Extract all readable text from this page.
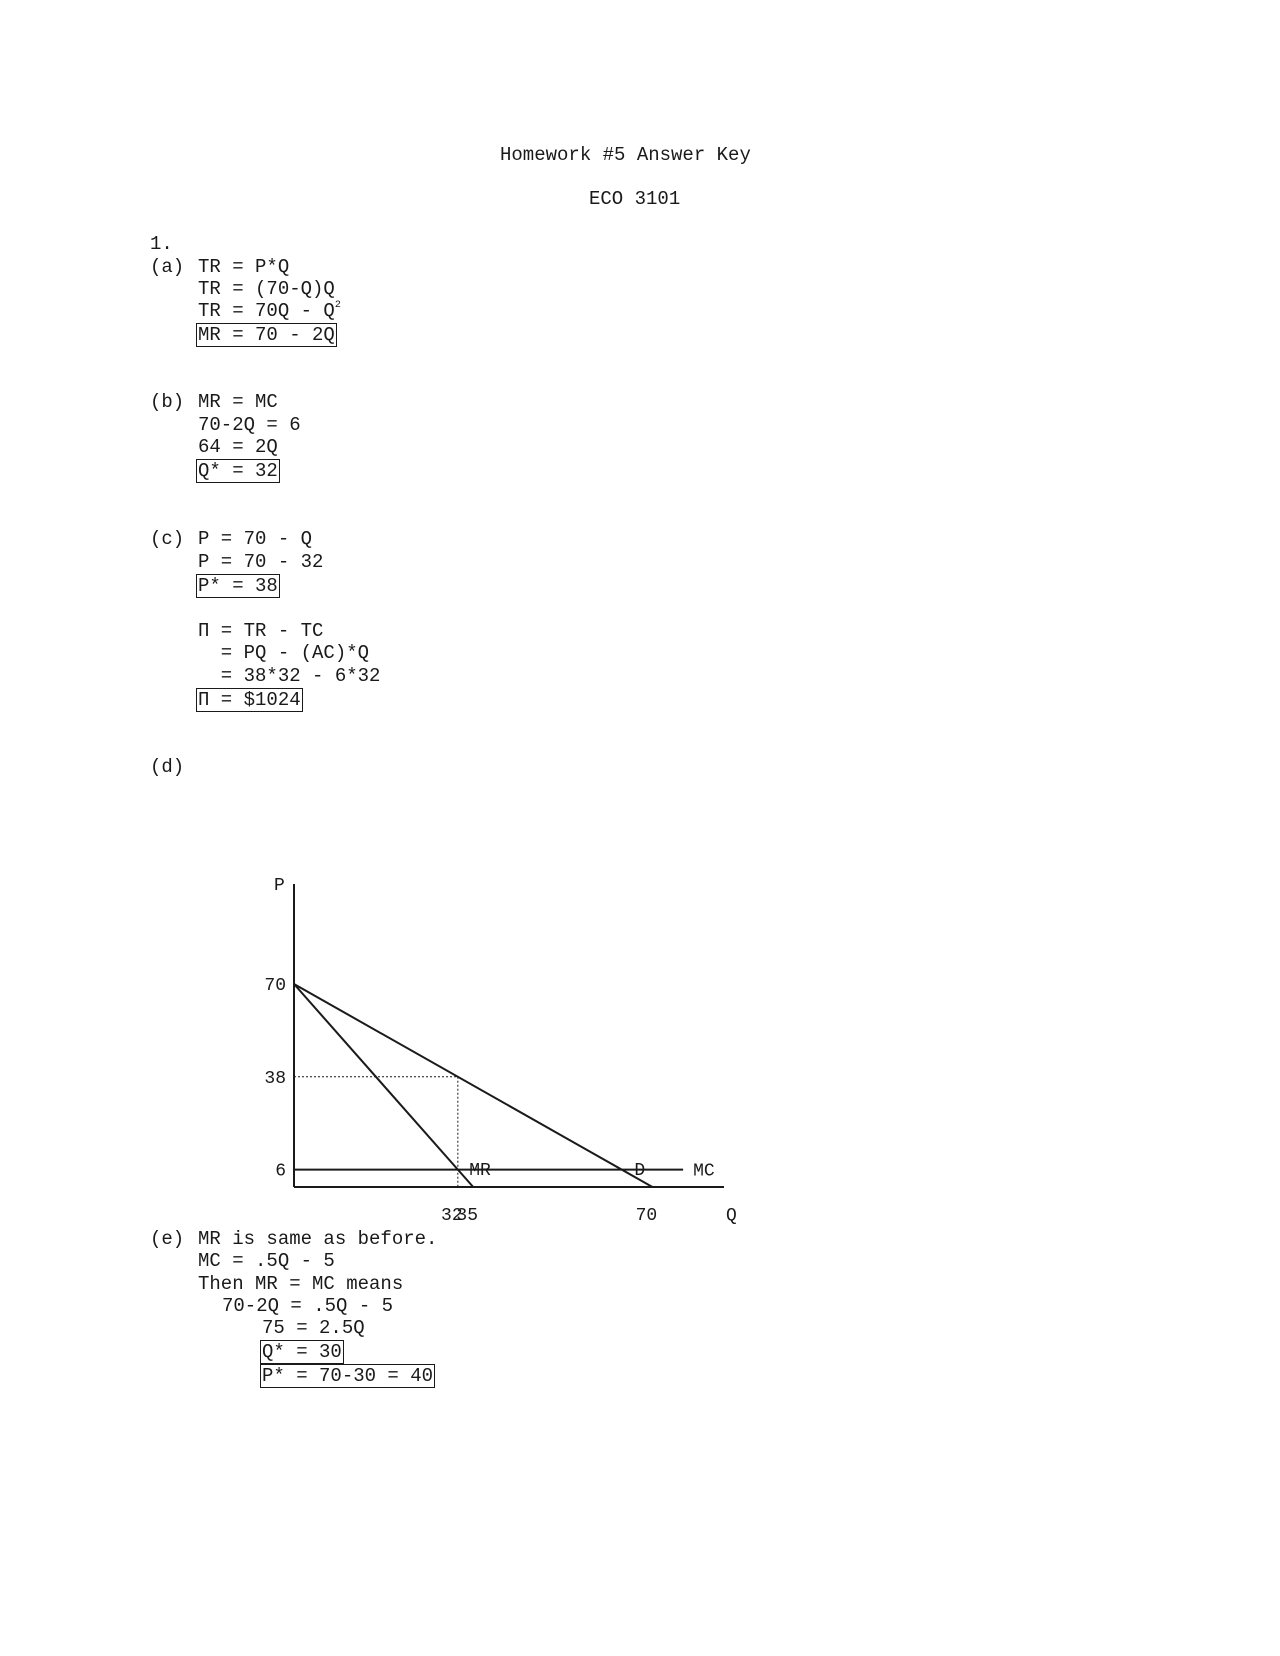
Homework #5 Answer Key
ECO 3101
1.
(a) TR = P*Q
TR = (70-Q)Q
TR = $70Q - Q^2$
MR = 70 - 2Q
(b) MR = MC
70-2Q = 6
64 = 2Q
Q* = 32
(c) P = 70 - Q
P = 70 - 32
P* = 38
Π = TR - TC
= PQ - (AC)*Q
= 38*32 - 6*32
Π = $1024
(d)
P
Q
D
MR	MC
70
38
6
32
35	70
(e) MR is same as before.
MC = .5Q - 5
Then MR = MC means
70-2Q = .5Q - 5
75 = 2.5Q
Q* = 30
P* = 70-30 = 40
